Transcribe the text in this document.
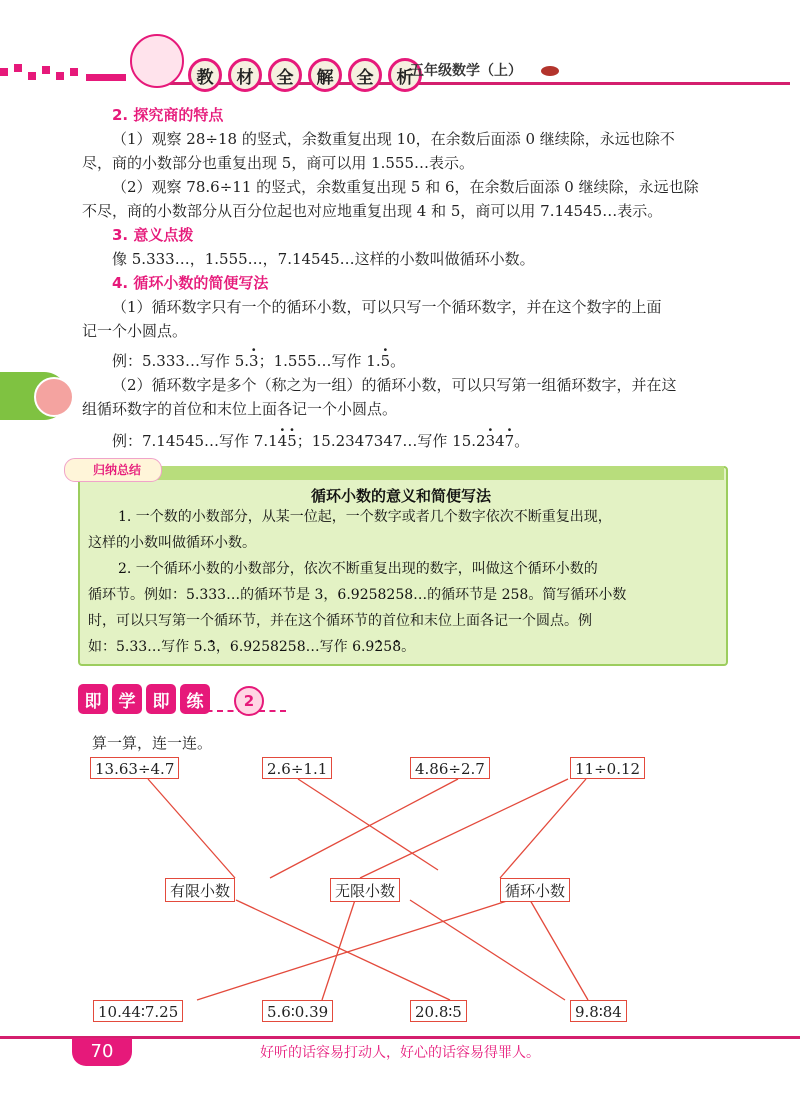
教	材	全	解	全	析
五年级数学（上）
2. 探究商的特点
（1）观察 28÷18 的竖式，余数重复出现 10，在余数后面添 0 继续除，永远也除不
尽，商的小数部分也重复出现 5，商可以用 1.555…表示。
（2）观察 78.6÷11 的竖式，余数重复出现 5 和 6，在余数后面添 0 继续除，永远也除
不尽，商的小数部分从百分位起也对应地重复出现 4 和 5，商可以用 7.14545…表示。
3. 意义点拨
像 5.333…，1.555…，7.14545…这样的小数叫做循环小数。
4. 循环小数的简便写法
（1）循环数字只有一个的循环小数，可以只写一个循环数字，并在这个数字的上面
记一个小圆点。
例：5.333…写作 5.· 3；1.555…写作 1.· 5。
（2）循环数字是多个（称之为一组）的循环小数，可以只写第一组循环数字，并在这
组循环数字的首位和末位上面各记一个小圆点。
例：7.14545…写作 7.1· 4· 5；15.2347347…写作 15.2· 34· 7。
归纳总结
循环小数的意义和简便写法
1. 一个数的小数部分，从某一位起，一个数字或者几个数字依次不断重复出现，
这样的小数叫做循环小数。
2. 一个循环小数的小数部分，依次不断重复出现的数字，叫做这个循环小数的
循环节。例如：5.333…的循环节是 3，6.9258258…的循环节是 258。简写循环小数
时，可以只写第一个循环节，并在这个循环节的首位和末位上面各记一个圆点。例
如：5.33…写作 5.· 3，6.9258258…写作 6.9· 25· 8。
即	学	即	练	2
算一算，连一连。
13.63÷4.7	2.6÷1.1	4.86÷2.7	11÷0.12
有限小数	无限小数	循环小数
10.44∶7.25	5.6∶0.39	20.8∶5	9.8∶84
70	好听的话容易打动人，好心的话容易得罪人。
